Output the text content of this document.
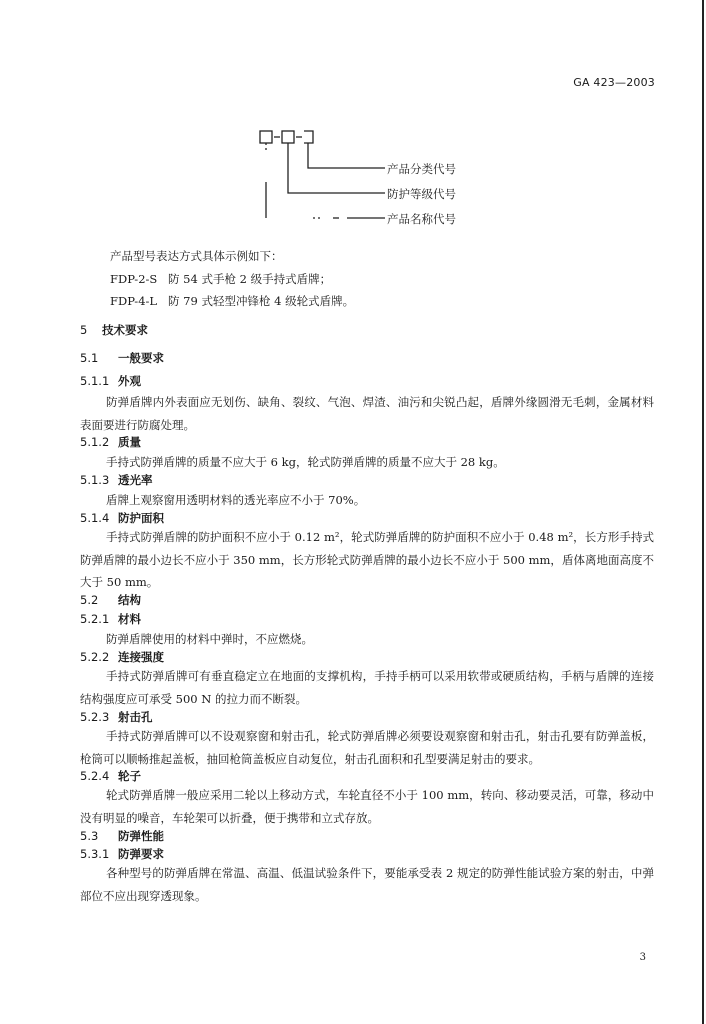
GA 423—2003
产品分类代号
防护等级代号
产品名称代号
产品型号表达方式具体示例如下：
FDP-2-S 防 54 式手枪 2 级手持式盾牌；
FDP-4-L 防 79 式轻型冲锋枪 4 级轮式盾牌。
5 技术要求
5.1 一般要求
5.1.1 外观
防弹盾牌内外表面应无划伤、缺角、裂纹、气泡、焊渣、油污和尖锐凸起，盾牌外缘圆滑无毛刺，金属材料表面要进行防腐处理。
5.1.2 质量
手持式防弹盾牌的质量不应大于 6 kg，轮式防弹盾牌的质量不应大于 28 kg。
5.1.3 透光率
盾牌上观察窗用透明材料的透光率应不小于 70%。
5.1.4 防护面积
手持式防弹盾牌的防护面积不应小于 0.12 m²，轮式防弹盾牌的防护面积不应小于 0.48 m²，长方形手持式防弹盾牌的最小边长不应小于 350 mm，长方形轮式防弹盾牌的最小边长不应小于 500 mm，盾体离地面高度不大于 50 mm。
5.2 结构
5.2.1 材料
防弹盾牌使用的材料中弹时，不应燃烧。
5.2.2 连接强度
手持式防弹盾牌可有垂直稳定立在地面的支撑机构，手持手柄可以采用软带或硬质结构，手柄与盾牌的连接结构强度应可承受 500 N 的拉力而不断裂。
5.2.3 射击孔
手持式防弹盾牌可以不设观察窗和射击孔，轮式防弹盾牌必须要设观察窗和射击孔，射击孔要有防弹盖板，枪筒可以顺畅推起盖板，抽回枪筒盖板应自动复位，射击孔面积和孔型要满足射击的要求。
5.2.4 轮子
轮式防弹盾牌一般应采用二轮以上移动方式，车轮直径不小于 100 mm，转向、移动要灵活，可靠，移动中没有明显的噪音，车轮架可以折叠，便于携带和立式存放。
5.3 防弹性能
5.3.1 防弹要求
各种型号的防弹盾牌在常温、高温、低温试验条件下，要能承受表 2 规定的防弹性能试验方案的射击，中弹部位不应出现穿透现象。
3
